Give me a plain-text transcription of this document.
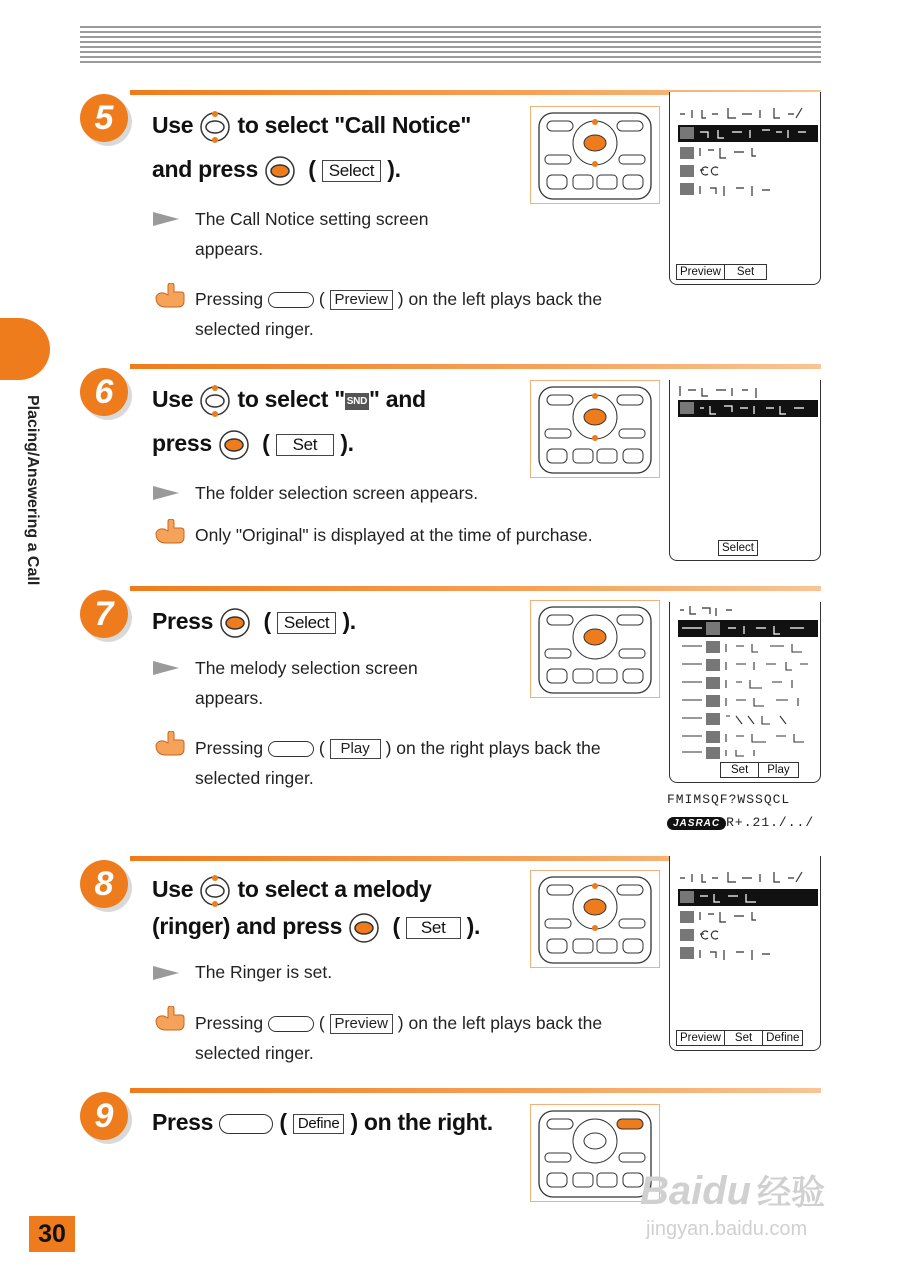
Placing/Answering a Call
5	Use to select "Call Notice"
and press ( Select ).
The Call Notice setting screen
appears.
Pressing	( Preview ) on the left plays back the
selected ringer.
Preview	Set
6	Use to select " SND" and
press ( Set ).
The folder selection screen appears.
Only "Original" is displayed at the time of purchase.
Select
7	Press ( Select ).
The melody selection screen
appears.
Pressing	( Play ) on the right plays back the
selected ringer.	Set	Play
FMIMSQF?WSSQCL
JASRAC R+.21./../
8	Use to select a melody
(ringer) and press ( Set ).
The Ringer is set.
Pressing	( Preview ) on the left plays back the
selected ringer.
Preview	Set	Define
9	Press	( Define ) on the right.
30
Baidu 经验
jingyan.baidu.com
